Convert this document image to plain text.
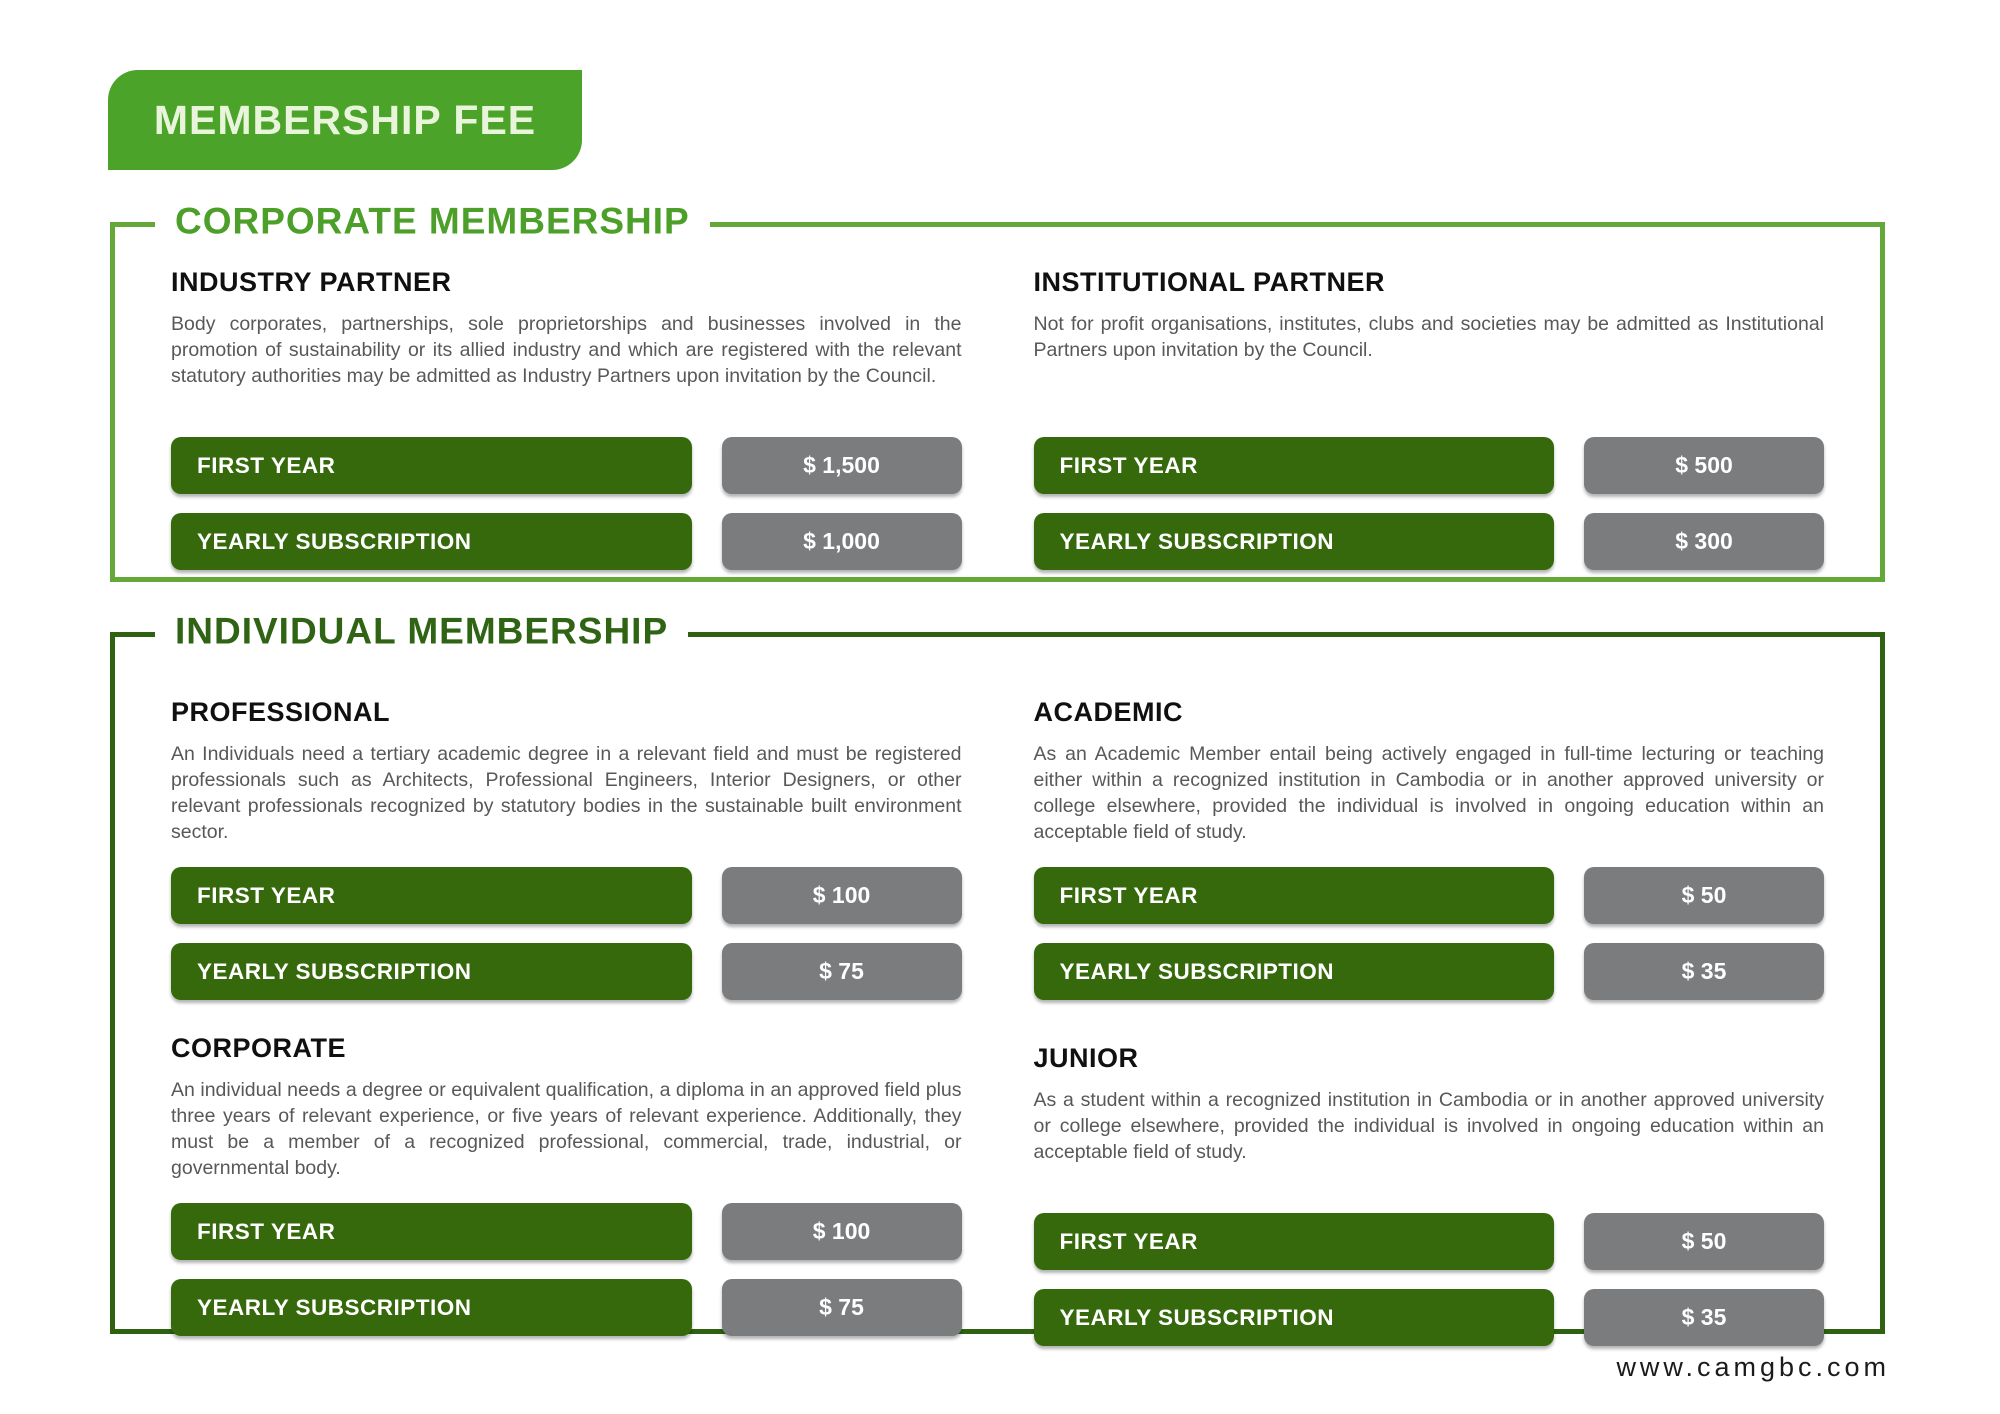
MEMBERSHIP FEE
CORPORATE MEMBERSHIP
INDUSTRY PARTNER

Body corporates, partnerships, sole proprietorships and businesses involved in the promotion of sustainability or its allied industry and which are registered with the relevant statutory authorities may be admitted as Industry Partners upon invitation by the Council.

FIRST YEAR	$ 1,500
YEARLY SUBSCRIPTION	$ 1,000
INSTITUTIONAL PARTNER

Not for profit organisations, institutes, clubs and societies may be admitted as Institutional Partners upon invitation by the Council.

FIRST YEAR	$ 500
YEARLY SUBSCRIPTION	$ 300
INDIVIDUAL MEMBERSHIP
PROFESSIONAL

An Individuals need a tertiary academic degree in a relevant field and must be registered professionals such as Architects, Professional Engineers, Interior Designers, or other relevant professionals recognized by statutory bodies in the sustainable built environment sector.

FIRST YEAR	$ 100
YEARLY SUBSCRIPTION	$ 75
ACADEMIC

As an Academic Member entail being actively engaged in full-time lecturing or teaching either within a recognized institution in Cambodia or in another approved university or college elsewhere, provided the individual is involved in ongoing education within an acceptable field of study.

FIRST YEAR	$ 50
YEARLY SUBSCRIPTION	$ 35
CORPORATE

An individual needs a degree or equivalent qualification, a diploma in an approved field plus three years of relevant experience, or five years of relevant experience. Additionally, they must be a member of a recognized professional, commercial, trade, industrial, or governmental body.

FIRST YEAR	$ 100
YEARLY SUBSCRIPTION	$ 75
JUNIOR

As a student within a recognized institution in Cambodia or in another approved university or college elsewhere, provided the individual is involved in ongoing education within an acceptable field of study.

FIRST YEAR	$ 50
YEARLY SUBSCRIPTION	$ 35
www.camgbc.com
